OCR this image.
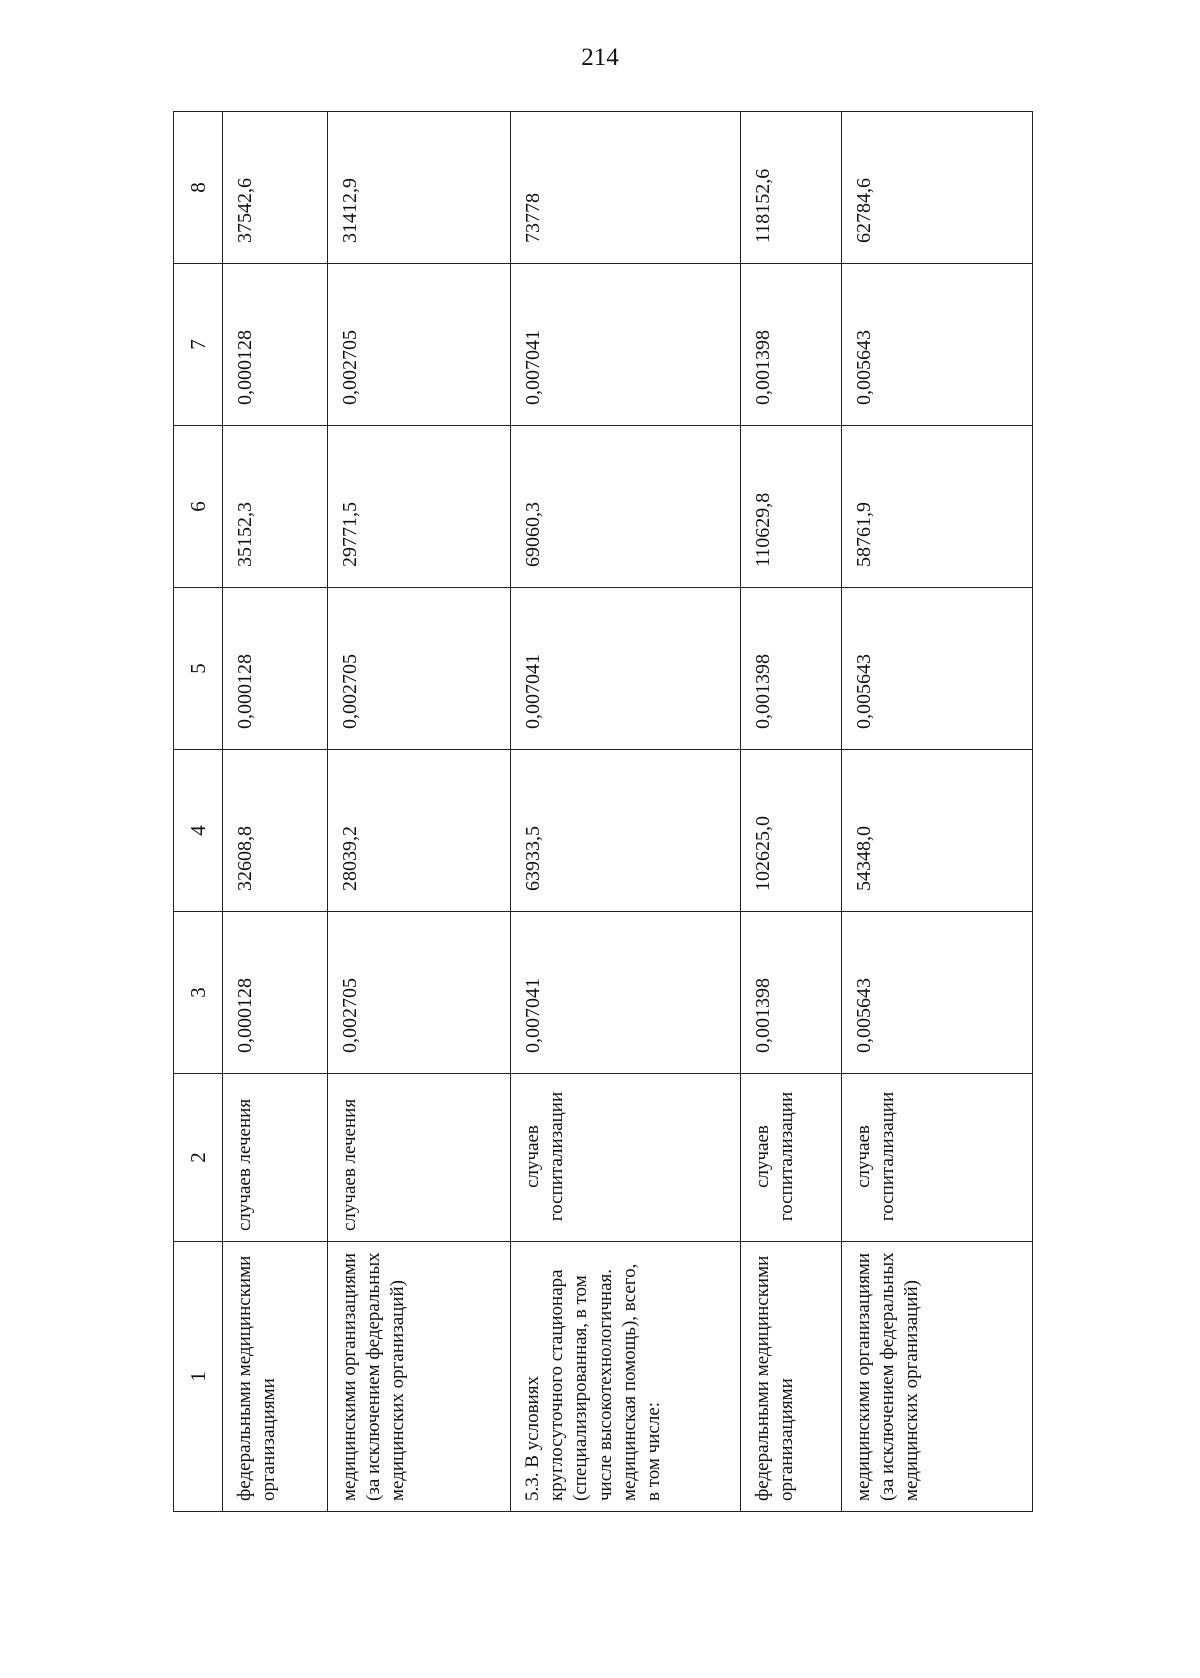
214
1	2	3	4	5	6	7	8
федеральными медицинскими организациями	случаев лечения	0,000128	32608,8	0,000128	35152,3	0,000128	37542,6
медицинскими организациями (за исключением федеральных медицинских организаций)	случаев лечения	0,002705	28039,2	0,002705	29771,5	0,002705	31412,9
5.3. В условиях круглосуточного стационара (специализированная, в том числе высокотехнологичная. медицинская помощь), всего, в том числе:	случаев госпитализации	0,007041	63933,5	0,007041	69060,3	0,007041	73778
федеральными медицинскими организациями	случаев госпитализации	0,001398	102625,0	0,001398	110629,8	0,001398	118152,6
медицинскими организациями (за исключением федеральных медицинских организаций)	случаев госпитализации	0,005643	54348,0	0,005643	58761,9	0,005643	62784,6
